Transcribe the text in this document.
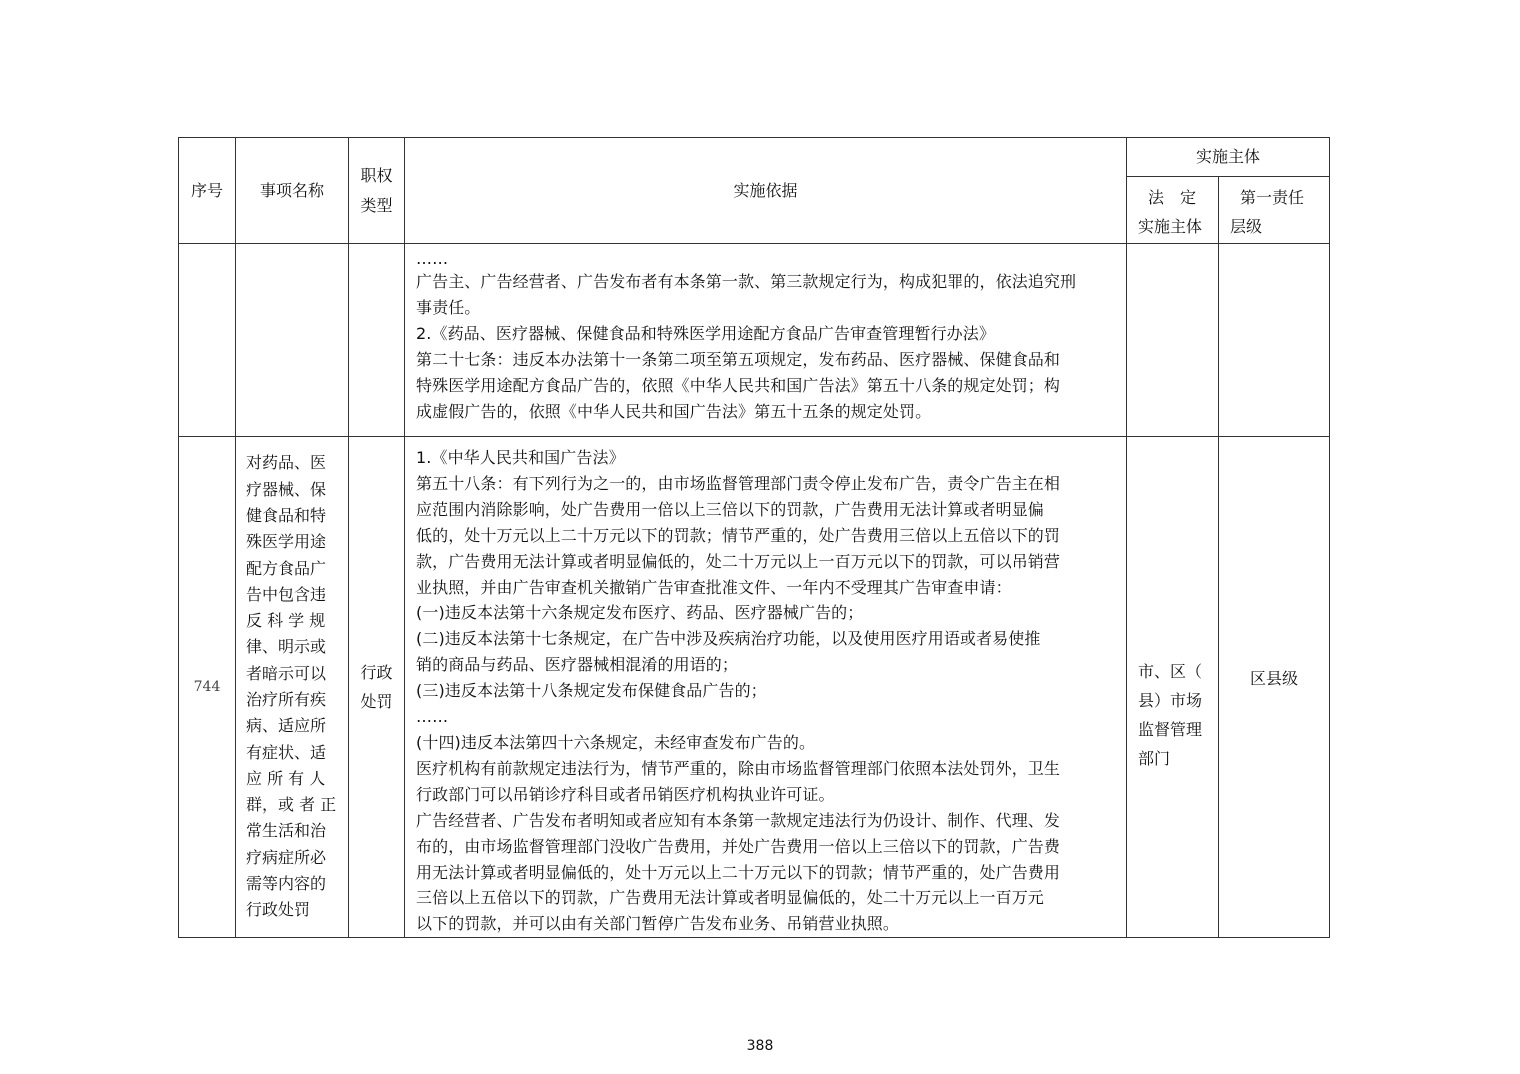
序号 事项名称
职权
类型
实施依据
实施主体
法　定
实施主体
第一责任
层级

……

广告主、广告经营者、广告发布者有本条第一款、第三款规定行为，构成犯罪的，依法追究刑

事责任。

2.《药品、医疗器械、保健食品和特殊医学用途配方食品广告审查管理暂行办法》

第二十七条：违反本办法第十一条第二项至第五项规定，发布药品、医疗器械、保健食品和

特殊医学用途配方食品广告的，依照《中华人民共和国广告法》第五十八条的规定处罚；构

成虚假广告的，依照《中华人民共和国广告法》第五十五条的规定处罚。

744
对药品、医
疗器械、保
健食品和特
殊医学用途
配方食品广
告中包含违
反 科 学 规
律、明示或
者暗示可以
治疗所有疾
病、适应所
有症状、适
应 所 有 人
群，或 者 正
常生活和治
疗病症所必
需等内容的
行政处罚
行政
处罚

1.《中华人民共和国广告法》

第五十八条：有下列行为之一的，由市场监督管理部门责令停止发布广告，责令广告主在相

应范围内消除影响，处广告费用一倍以上三倍以下的罚款，广告费用无法计算或者明显偏

低的，处十万元以上二十万元以下的罚款；情节严重的，处广告费用三倍以上五倍以下的罚

款，广告费用无法计算或者明显偏低的，处二十万元以上一百万元以下的罚款，可以吊销营

业执照，并由广告审查机关撤销广告审查批准文件、一年内不受理其广告审查申请：

(一)违反本法第十六条规定发布医疗、药品、医疗器械广告的；

(二)违反本法第十七条规定，在广告中涉及疾病治疗功能，以及使用医疗用语或者易使推

销的商品与药品、医疗器械相混淆的用语的；

(三)违反本法第十八条规定发布保健食品广告的；

……

(十四)违反本法第四十六条规定，未经审查发布广告的。

医疗机构有前款规定违法行为，情节严重的，除由市场监督管理部门依照本法处罚外，卫生

行政部门可以吊销诊疗科目或者吊销医疗机构执业许可证。

广告经营者、广告发布者明知或者应知有本条第一款规定违法行为仍设计、制作、代理、发

布的，由市场监督管理部门没收广告费用，并处广告费用一倍以上三倍以下的罚款，广告费

用无法计算或者明显偏低的，处十万元以上二十万元以下的罚款；情节严重的，处广告费用

三倍以上五倍以下的罚款，广告费用无法计算或者明显偏低的，处二十万元以上一百万元

以下的罚款，并可以由有关部门暂停广告发布业务、吊销营业执照。

市、区（
县）市场
监督管理
部门
区县级
388
